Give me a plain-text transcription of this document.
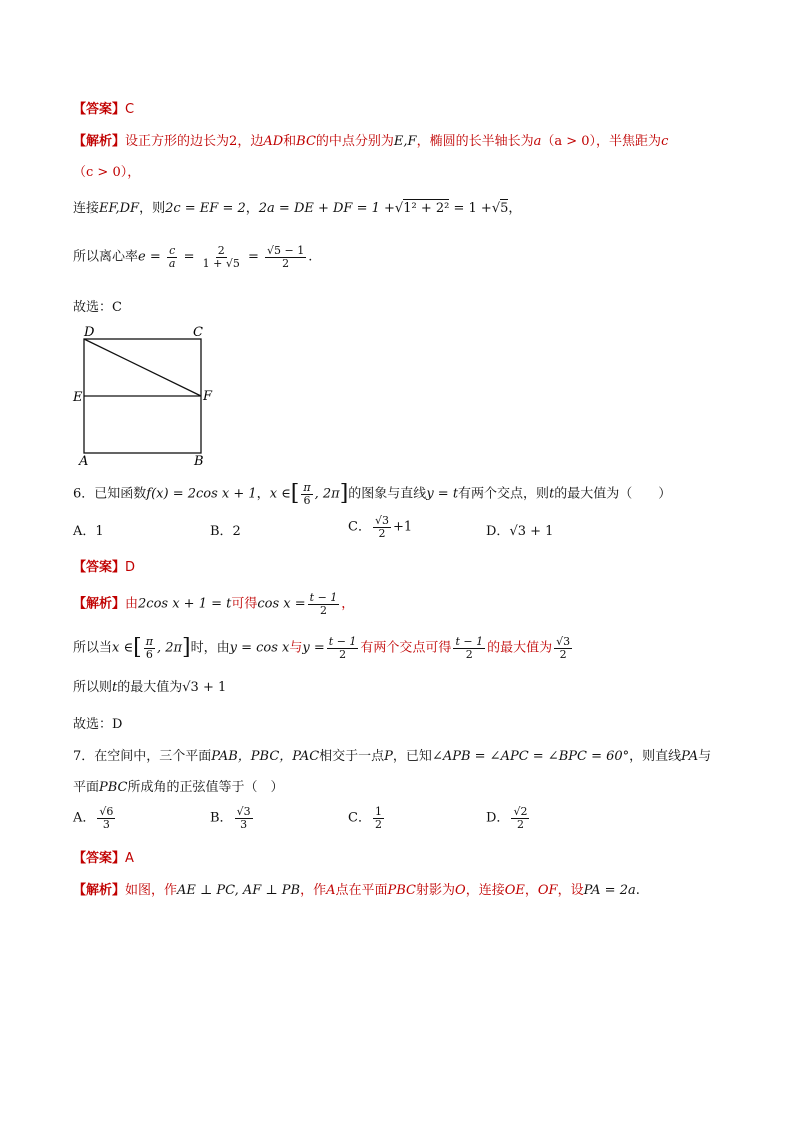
【答案】C
【解析】设正方形的边长为2，边AD和BC的中点分别为E,F，椭圆的长半轴长为a（a > 0），半焦距为c
（c > 0），
连接EF,DF，则2c = EF = 2，2a = DE + DF = 1 +√1² + 2² = 1 +√5，
所以离心率$e = \frac{c}{a} = \frac{2}{1 + √5} = \frac{√5 - 1}{2}$ .
故选：C
D	C
E	F
A	B
6．已知函数f(x) = 2cos x + 1，x ∈[ $\frac{\pi}{6}$ , 2π]的图象与直线y = t有两个交点，则t的最大值为（　　）
A．1	B．2	C． $\frac{√3}{2} +1$	D．√3 + 1
【答案】D
【解析】由2cos x + 1 = t可得$\cos x = \frac{t - 1}{2}$ ，
所以当x ∈[ $\frac{\pi}{6}$ , 2π]时，由y = cos x与$y = \frac{t - 1}{2}$ 有两个交点可得 $\frac{t - 1}{2}$ 的最大值为 $\frac{√3}{2}$
所以则t的最大值为√3 + 1
故选：D
7．在空间中，三个平面PAB，PBC，PAC相交于一点P，已知∠APB = ∠APC = ∠BPC = 60°，则直线PA与
平面PBC所成角的正弦值等于（　）
A． $\frac{√6}{3}$	B． $\frac{√3}{3}$	C． $\frac{1}{2}$	D． $\frac{√2}{2}$
【答案】A
【解析】如图，作AE ⊥ PC, AF ⊥ PB，作A点在平面PBC射影为O，连接OE，OF，设PA = 2a.
